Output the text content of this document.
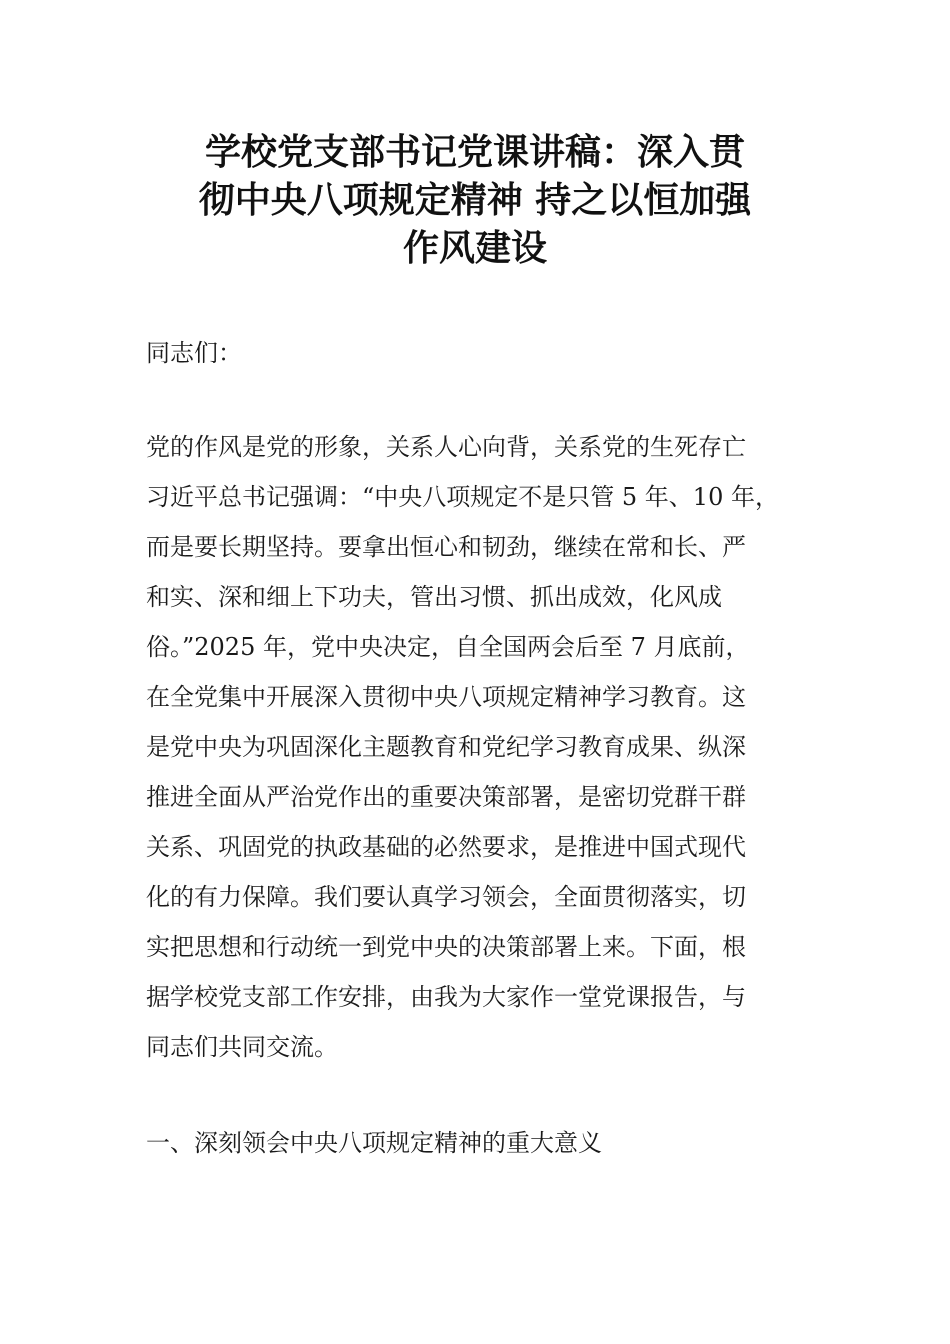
学校党支部书记党课讲稿：深入贯
彻中央八项规定精神 持之以恒加强
作风建设

同志们：

党的作风是党的形象，关系人心向背，关系党的生死存亡
习近平总书记强调：“中央八项规定不是只管 5 年、10 年，
而是要长期坚持。要拿出恒心和韧劲，继续在常和长、严
和实、深和细上下功夫，管出习惯、抓出成效，化风成
俗。”2025 年，党中央决定，自全国两会后至 7 月底前，
在全党集中开展深入贯彻中央八项规定精神学习教育。这
是党中央为巩固深化主题教育和党纪学习教育成果、纵深
推进全面从严治党作出的重要决策部署，是密切党群干群
关系、巩固党的执政基础的必然要求，是推进中国式现代
化的有力保障。我们要认真学习领会，全面贯彻落实，切
实把思想和行动统一到党中央的决策部署上来。下面，根
据学校党支部工作安排，由我为大家作一堂党课报告，与
同志们共同交流。

一、深刻领会中央八项规定精神的重大意义
